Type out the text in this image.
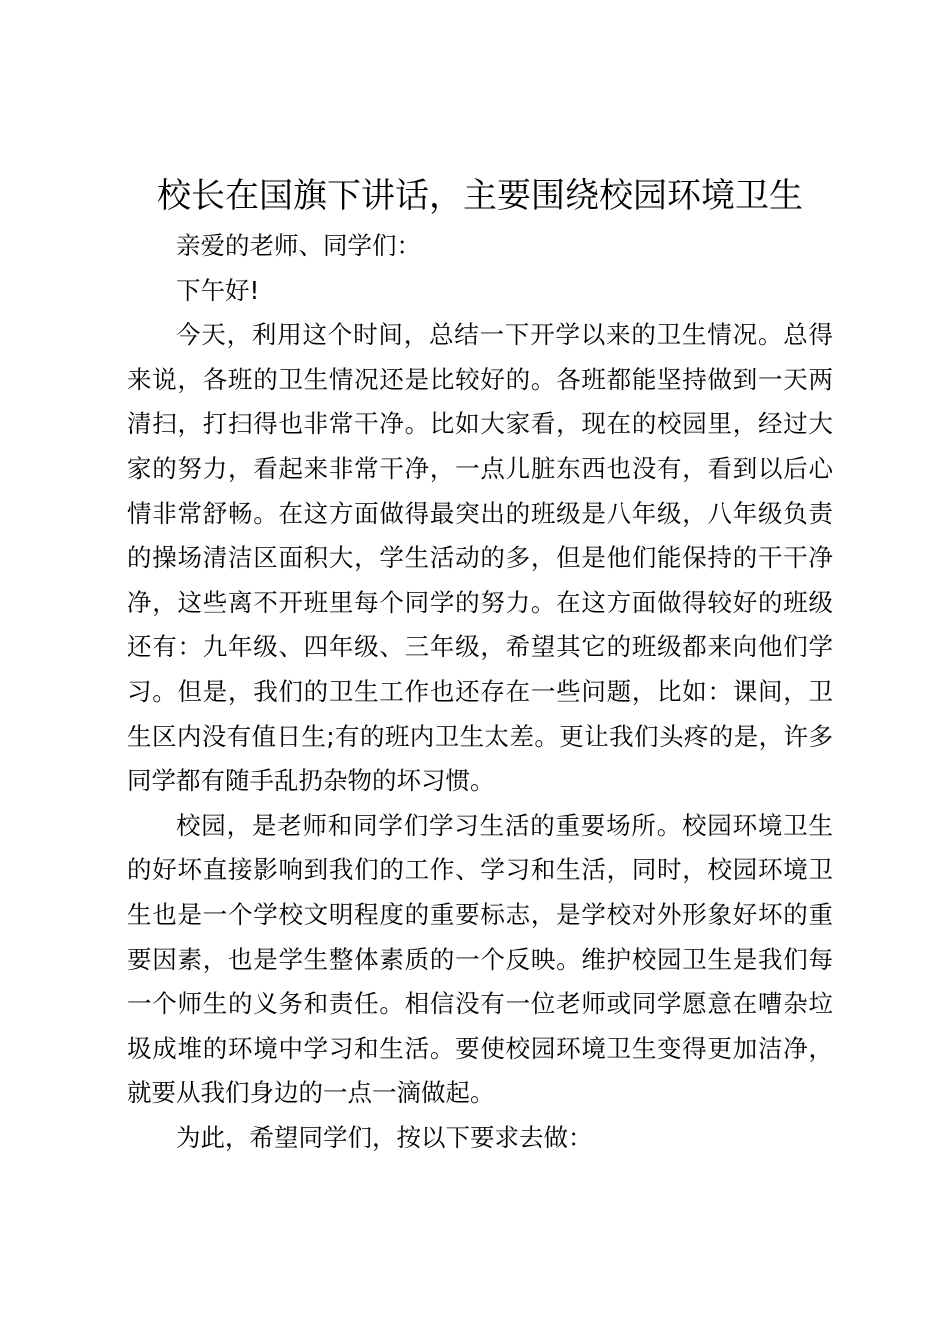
校长在国旗下讲话，主要围绕校园环境卫生

亲爱的老师、同学们：

下午好!

今天，利用这个时间，总结一下开学以来的卫生情况。总得来说，各班的卫生情况还是比较好的。各班都能坚持做到一天两清扫，打扫得也非常干净。比如大家看，现在的校园里，经过大家的努力，看起来非常干净，一点儿脏东西也没有，看到以后心情非常舒畅。在这方面做得最突出的班级是八年级，八年级负责的操场清洁区面积大，学生活动的多，但是他们能保持的干干净净，这些离不开班里每个同学的努力。在这方面做得较好的班级还有：九年级、四年级、三年级，希望其它的班级都来向他们学习。但是，我们的卫生工作也还存在一些问题，比如：课间，卫生区内没有值日生;有的班内卫生太差。更让我们头疼的是，许多同学都有随手乱扔杂物的坏习惯。

校园，是老师和同学们学习生活的重要场所。校园环境卫生的好坏直接影响到我们的工作、学习和生活，同时，校园环境卫生也是一个学校文明程度的重要标志，是学校对外形象好坏的重要因素，也是学生整体素质的一个反映。维护校园卫生是我们每一个师生的义务和责任。相信没有一位老师或同学愿意在嘈杂垃圾成堆的环境中学习和生活。要使校园环境卫生变得更加洁净，就要从我们身边的一点一滴做起。

为此，希望同学们，按以下要求去做：
